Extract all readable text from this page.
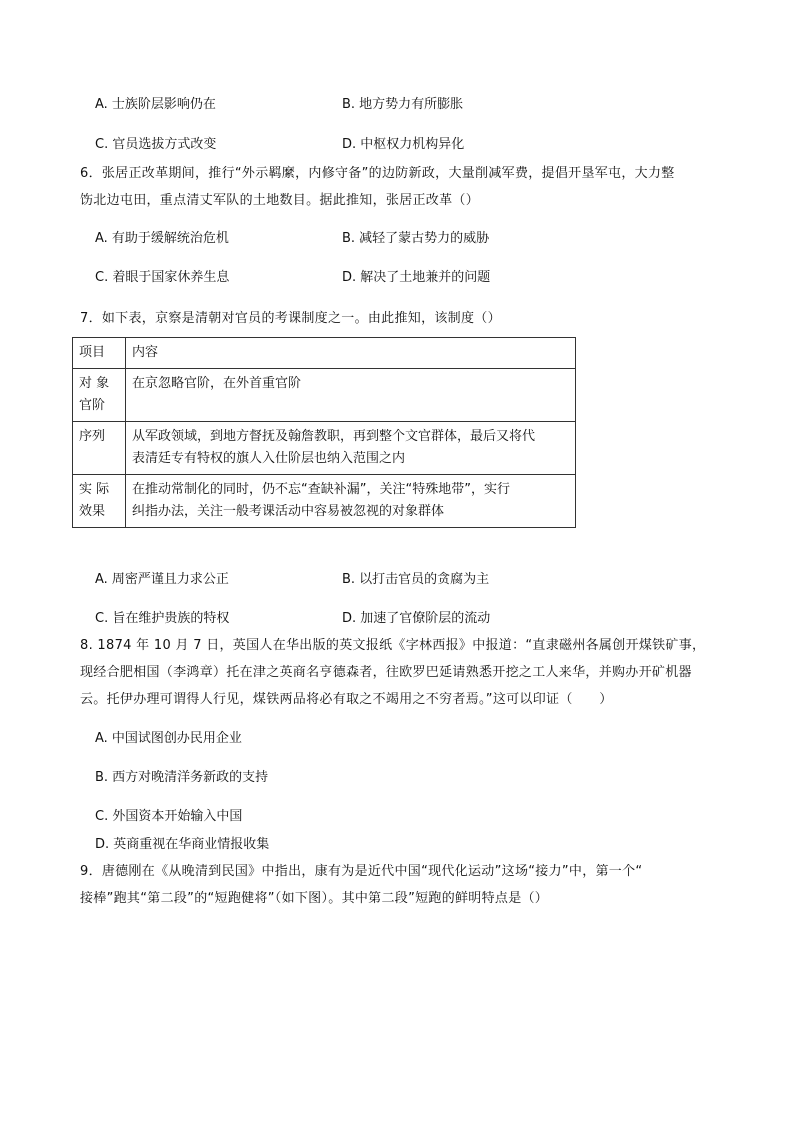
A. 士族阶层影响仍在	B. 地方势力有所膨胀
C. 官员选拔方式改变	D. 中枢权力机构异化
6．张居正改革期间，推行“外示羁縻，内修守备”的边防新政，大量削减军费，提倡开垦军屯，大力整
饬北边屯田，重点清丈军队的土地数目。据此推知，张居正改革（）
A. 有助于缓解统治危机	B. 减轻了蒙古势力的威胁
C. 着眼于国家休养生息	D. 解决了土地兼并的问题
7．如下表，京察是清朝对官员的考课制度之一。由此推知，该制度（）
项目	内容

对 象
官阶	在京忽略官阶，在外首重官阶

序列	从军政领域，到地方督抚及翰詹教职，再到整个文官群体，最后又将代
表清廷专有特权的旗人入仕阶层也纳入范围之内

实 际
效果	在推动常制化的同时，仍不忘“查缺补漏”，关注“特殊地带”，实行
纠指办法，关注一般考课活动中容易被忽视的对象群体
A. 周密严谨且力求公正	B. 以打击官员的贪腐为主
C. 旨在维护贵族的特权	D. 加速了官僚阶层的流动
8. 1874 年 10 月 7 日，英国人在华出版的英文报纸《字林西报》中报道：“直隶磁州各属创开煤铁矿事，
现经合肥相国（李鸿章）托在津之英商名亨德森者，往欧罗巴延请熟悉开挖之工人来华，并购办开矿机器
云。托伊办理可谓得人行见，煤铁两品将必有取之不竭用之不穷者焉。”这可以印证（　　）
A. 中国试图创办民用企业
B. 西方对晚清洋务新政的支持
C. 外国资本开始输入中国
D. 英商重视在华商业情报收集
9．唐德刚在《从晚清到民国》中指出，康有为是近代中国“现代化运动”这场“接力”中，第一个“
接棒”跑其“第二段”的“短跑健将”（如下图）。其中第二段”短跑的鲜明特点是（）
